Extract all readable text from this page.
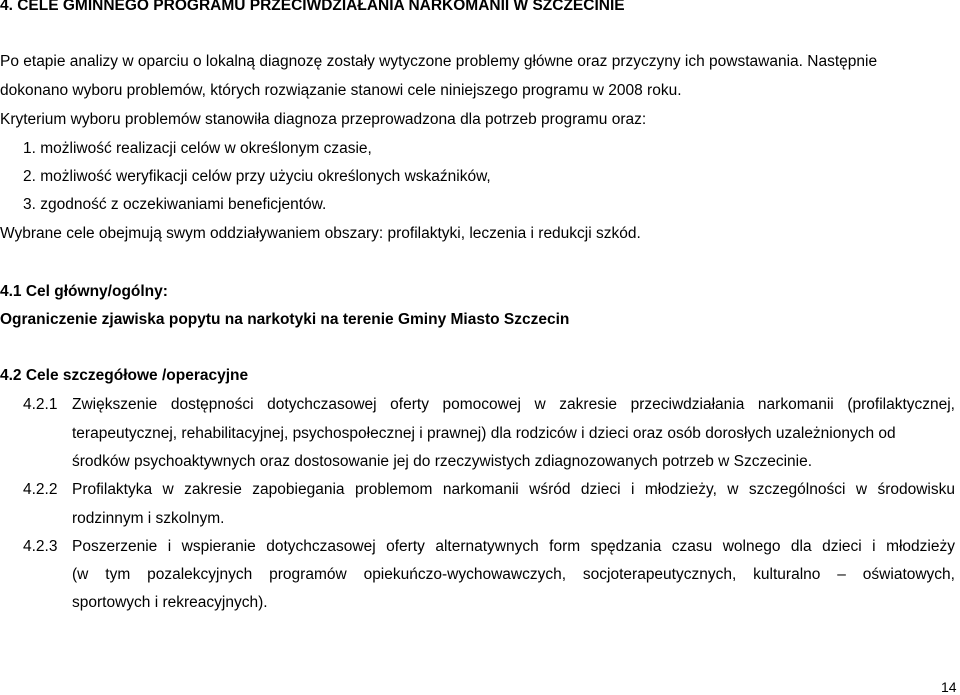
4. CELE GMINNEGO PROGRAMU PRZECIWDZIAŁANIA NARKOMANII W SZCZECINIE
Po etapie analizy w oparciu o lokalną diagnozę zostały wytyczone problemy główne oraz przyczyny ich powstawania. Następnie
dokonano wyboru problemów, których rozwiązanie stanowi cele niniejszego programu w 2008 roku.
Kryterium wyboru problemów stanowiła diagnoza przeprowadzona dla potrzeb programu oraz:
1. możliwość realizacji celów w określonym czasie,
2. możliwość weryfikacji celów przy użyciu określonych wskaźników,
3. zgodność z oczekiwaniami beneficjentów.
Wybrane cele obejmują swym oddziaływaniem obszary: profilaktyki, leczenia i redukcji szkód.
4.1 Cel główny/ogólny:
Ograniczenie zjawiska popytu na narkotyki na terenie Gminy Miasto Szczecin
4.2 Cele szczegółowe /operacyjne
4.2.1 Zwiększenie dostępności dotychczasowej oferty pomocowej w zakresie przeciwdziałania narkomanii (profilaktycznej,
terapeutycznej, rehabilitacyjnej, psychospołecznej i prawnej) dla rodziców i dzieci oraz osób dorosłych uzależnionych od
środków psychoaktywnych oraz dostosowanie jej do rzeczywistych zdiagnozowanych potrzeb w Szczecinie.
4.2.2 Profilaktyka w zakresie zapobiegania problemom narkomanii wśród dzieci i młodzieży, w szczególności w środowisku
rodzinnym i szkolnym.
4.2.3 Poszerzenie i wspieranie dotychczasowej oferty alternatywnych form spędzania czasu wolnego dla dzieci i młodzieży
(w tym pozalekcyjnych programów opiekuńczo-wychowawczych, socjoterapeutycznych, kulturalno – oświatowych,
sportowych i rekreacyjnych).
14
